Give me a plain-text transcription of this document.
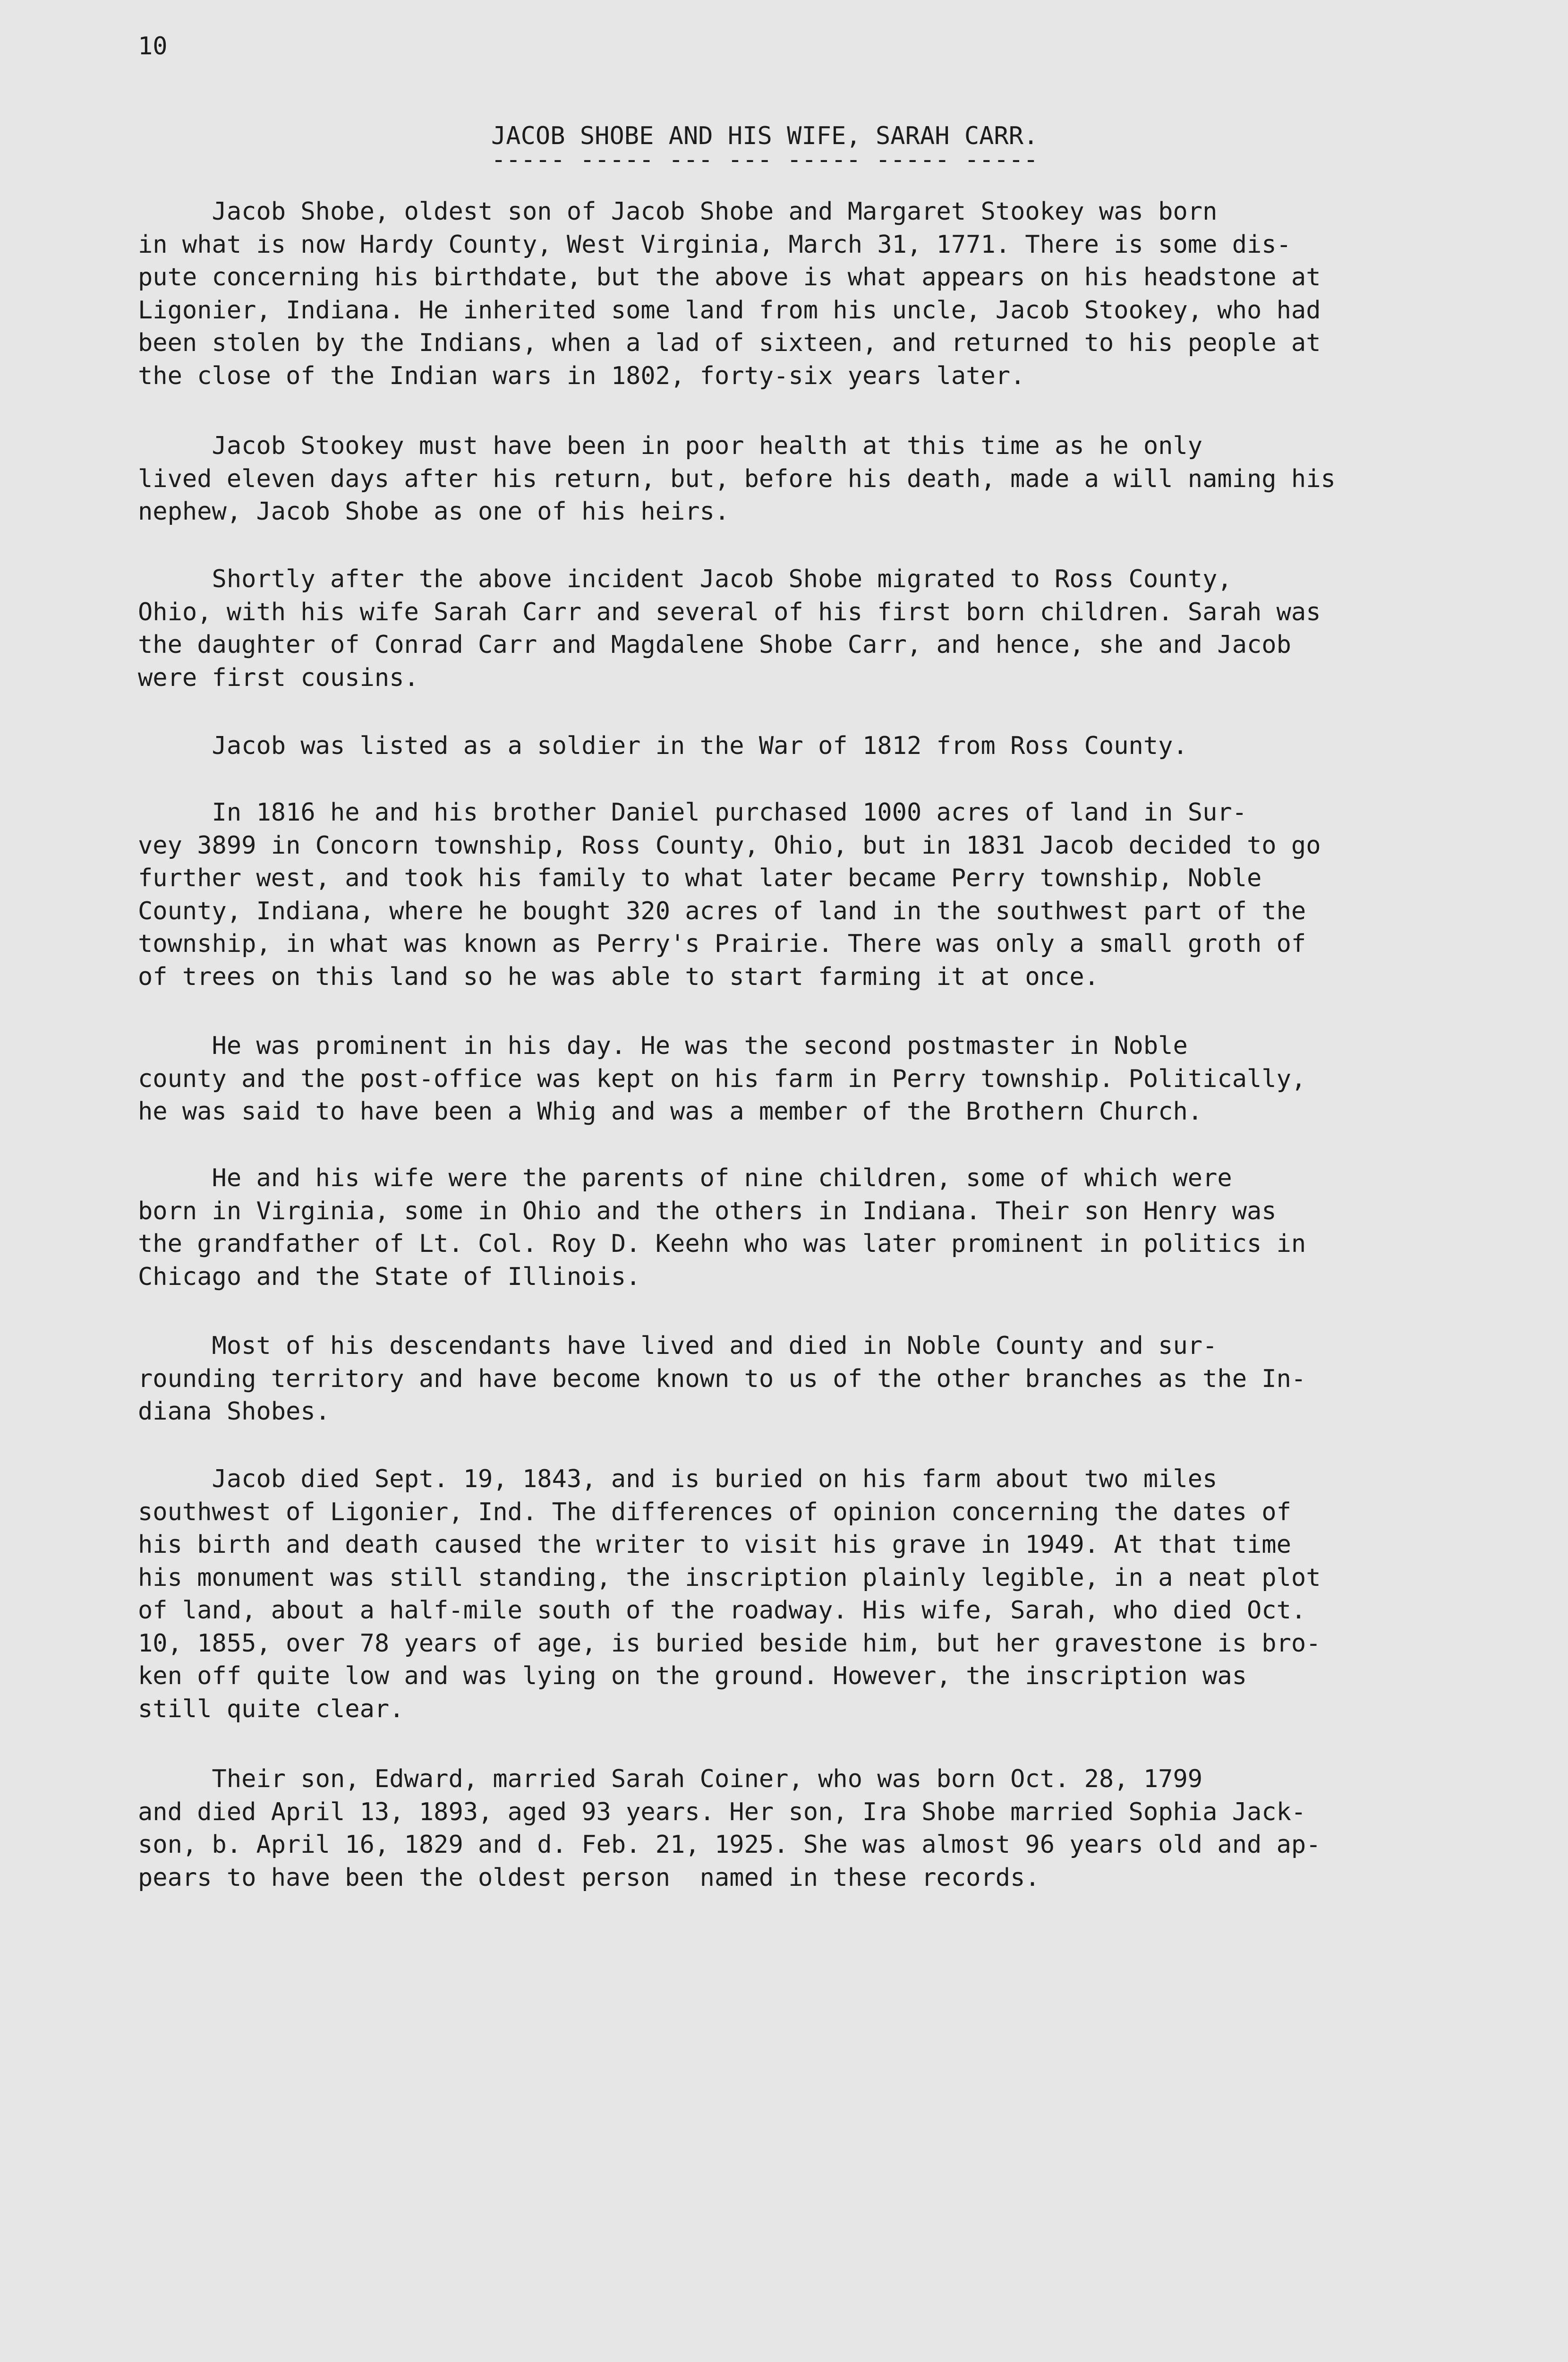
10
JACOB SHOBE AND HIS WIFE, SARAH CARR.
----- ----- --- --- ----- ----- -----

Jacob Shobe, oldest son of Jacob Shobe and Margaret Stookey was born
in what is now Hardy County, West Virginia, March 31, 1771. There is some dis-
pute concerning his birthdate, but the above is what appears on his headstone at
Ligonier, Indiana. He inherited some land from his uncle, Jacob Stookey, who had
been stolen by the Indians, when a lad of sixteen, and returned to his people at
the close of the Indian wars in 1802, forty-six years later.

Jacob Stookey must have been in poor health at this time as he only
lived eleven days after his return, but, before his death, made a will naming his
nephew, Jacob Shobe as one of his heirs.

Shortly after the above incident Jacob Shobe migrated to Ross County,
Ohio, with his wife Sarah Carr and several of his first born children. Sarah was
the daughter of Conrad Carr and Magdalene Shobe Carr, and hence, she and Jacob
were first cousins.

Jacob was listed as a soldier in the War of 1812 from Ross County.

In 1816 he and his brother Daniel purchased 1000 acres of land in Sur-
vey 3899 in Concorn township, Ross County, Ohio, but in 1831 Jacob decided to go
further west, and took his family to what later became Perry township, Noble
County, Indiana, where he bought 320 acres of land in the southwest part of the
township, in what was known as Perry's Prairie. There was only a small groth of
of trees on this land so he was able to start farming it at once.

He was prominent in his day. He was the second postmaster in Noble
county and the post-office was kept on his farm in Perry township. Politically,
he was said to have been a Whig and was a member of the Brothern Church.

He and his wife were the parents of nine children, some of which were
born in Virginia, some in Ohio and the others in Indiana. Their son Henry was
the grandfather of Lt. Col. Roy D. Keehn who was later prominent in politics in
Chicago and the State of Illinois.

Most of his descendants have lived and died in Noble County and sur-
rounding territory and have become known to us of the other branches as the In-
diana Shobes.

Jacob died Sept. 19, 1843, and is buried on his farm about two miles
southwest of Ligonier, Ind. The differences of opinion concerning the dates of
his birth and death caused the writer to visit his grave in 1949. At that time
his monument was still standing, the inscription plainly legible, in a neat plot
of land, about a half-mile south of the roadway. His wife, Sarah, who died Oct.
10, 1855, over 78 years of age, is buried beside him, but her gravestone is bro-
ken off quite low and was lying on the ground. However, the inscription was
still quite clear.

Their son, Edward, married Sarah Coiner, who was born Oct. 28, 1799
and died April 13, 1893, aged 93 years. Her son, Ira Shobe married Sophia Jack-
son, b. April 16, 1829 and d. Feb. 21, 1925. She was almost 96 years old and ap-
pears to have been the oldest person  named in these records.
